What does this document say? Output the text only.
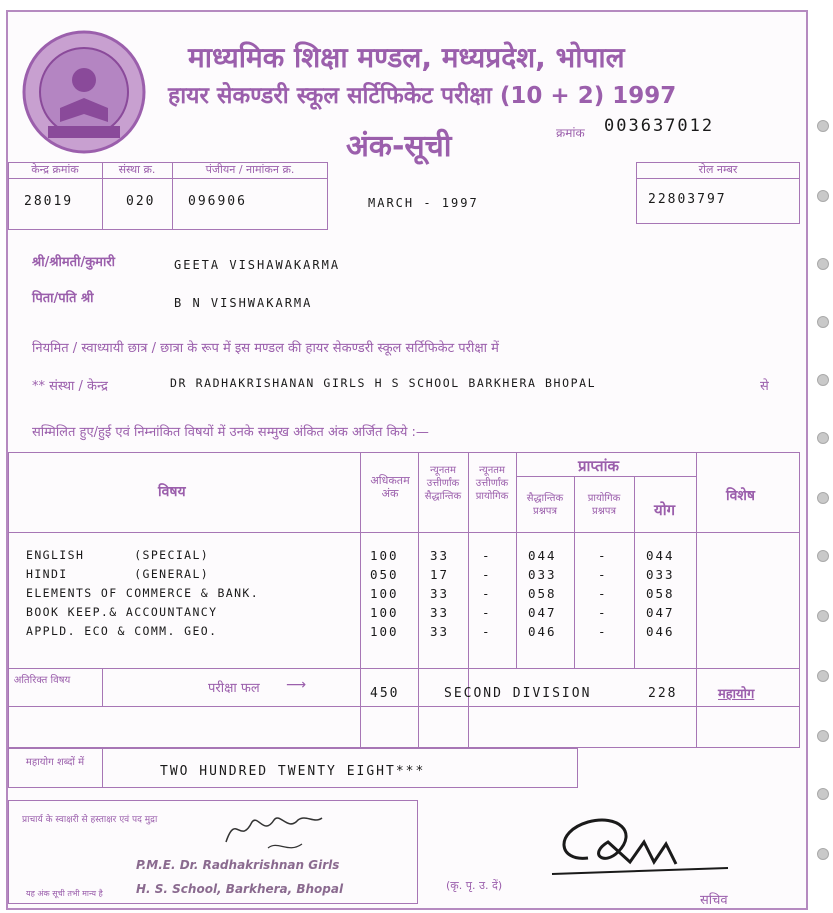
माध्यमिक शिक्षा मण्डल, मध्यप्रदेश, भोपाल
हायर सेकण्डरी स्कूल सर्टिफिकेट परीक्षा (10 + 2) 1997
अंक-सूची	क्रमांक 003637012
केन्द्र क्रमांक	संस्था क्र.	पंजीयन / नामांकन क्र.
28019	020	096906	MARCH - 1997
रोल नम्बर
22803797
श्री/श्रीमती/कुमारी	GEETA VISHAWAKARMA
पिता/पति श्री	B N VISHWAKARMA
नियमित / स्वाध्यायी छात्र / छात्रा के रूप में इस मण्डल की हायर सेकण्डरी स्कूल सर्टिफिकेट परीक्षा में
** संस्था / केन्द्र	DR RADHAKRISHANAN GIRLS H S SCHOOL BARKHERA BHOPAL	से
सम्मिलित हुए/हुई एवं निम्नांकित विषयों में उनके सम्मुख अंकित अंक अर्जित किये :—
विषय
अधिकतम अंक
न्यूनतम उत्तीर्णांक सैद्धान्तिक
न्यूनतम उत्तीर्णांक प्रायोगिक
प्राप्तांक
सैद्धान्तिक प्रश्नपत्र
प्रायोगिक प्रश्नपत्र	योग
विशेष
ENGLISH      (SPECIAL)	100	33	-	044	-	044
HINDI        (GENERAL)	050	17	-	033	-	033
ELEMENTS OF COMMERCE & BANK.	100	33	-	058	-	058
BOOK KEEP.& ACCOUNTANCY	100	33	-	047	-	047
APPLD. ECO & COMM. GEO.	100	33	-	046	-	046
अतिरिक्त विषय
परीक्षा फल ⟶
450	SECOND DIVISION	228	महायोग
महायोग शब्दों में
TWO HUNDRED TWENTY EIGHT***
प्राचार्य के स्वाक्षरी से हस्ताक्षर एवं पद मुद्रा
P.M.E. Dr. Radhakrishnan Girls
H. S. School, Barkhera, Bhopal
यह अंक सूची तभी मान्य है
(कृ. पृ. उ. दें)
सचिव
